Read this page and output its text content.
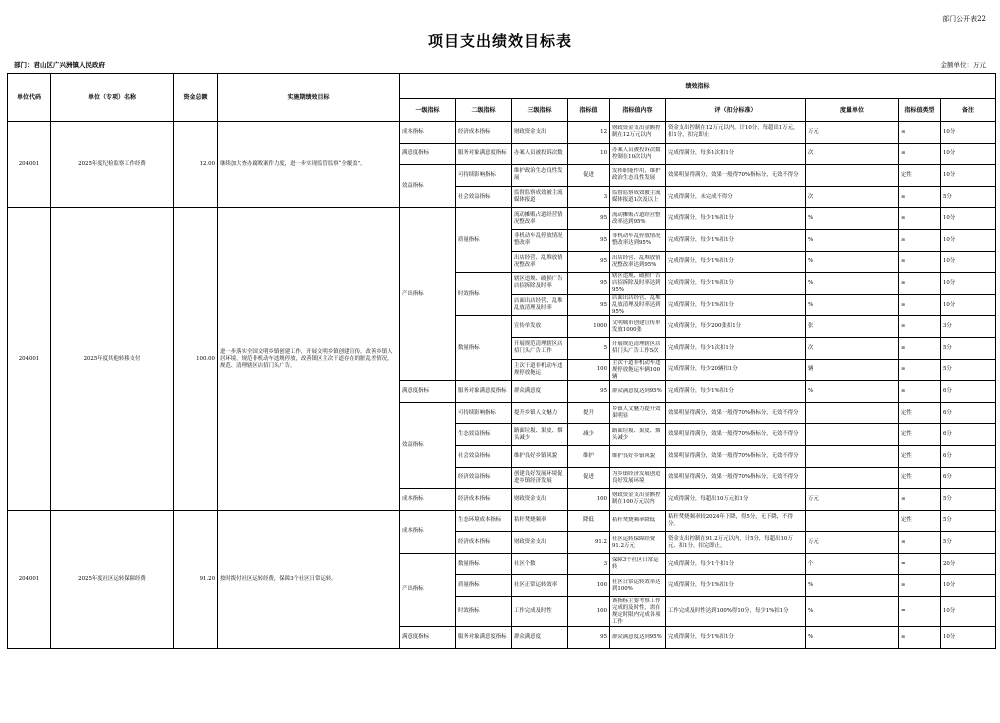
部门公开表22
项目支出绩效目标表
部门：君山区广兴洲镇人民政府	金额单位：万元
单位代码	单位（专项）名称	资金总额	实施期绩效目标	绩效指标								
				一级指标	二级指标	三级指标	指标值	指标值内容	评（扣分标准）	度量单位	指标值类型	备注
204001	2025年度纪检监察工作经费	12.00	继续加大查办腐败案件力度，进一步实现监管监察“全覆盖”。	成本指标	经济成本指标	财政资金支出	12	财政资金支出金额控制在12万元以内	资金支出控制在12万元以内，计10分，每超出1万元，扣1分，扣完即止	万元	≤	10分
				满意度指标	服务对象满意度指标	办案人员被投诉次数	10	办案人员被投诉次数控制在10次以内	完成得满分，每多1次扣1分	次	≤	10分
				效益指标	可持续影响指标	维护政治生态良性发展	促进	发挥职能作用，维护政治生态良性发展	效果明显得满分，效果一般得70%指标分，无效不得分		定性	10分
					社会效益指标	监督监察成效被主流媒体报道	3	监督监察成效被主流媒体报道1次及以上	完成得满分，未完成不得分	次	≥	5分
204001	2025年度其他转移支付	100.00	进一步落实全国文明乡镇创建工作，开展文明乡镇创建宣传，改善乡镇人居环境，规范非机动车违规停放，改善镇区主次干道存在的脏乱差情况，规范、清理辖区店招门头广告。	产出指标	质量指标	流动摊贩占道经营情况整改率	95	流动摊贩占道经营整改率达到95%	完成得满分，每少1%扣1分	%	≥	10分
						非机动车乱停放情况整改率	95	非机动车乱停放情况整改率达到95%	完成得满分，每少1%扣1分	%	≥	10分
						出店经营、乱堆放情况整改率	95	出店经营、乱堆放情况整改率达到95%	完成得满分，每少1%扣1分	%	≥	10分
					时效指标	辖区违规、破损广告店招拆除及时率	95	辖区违规、破损广告店招拆除及时率达到95%	完成得满分，每少1%扣1分	%	≥	10分
						店面出店经营、乱堆乱放清理及时率	95	店面出店经营、乱堆乱放清理及时率达到95%	完成得满分，每少1%扣1分	%	≥	10分
					数量指标	宣传单发放	1000	文明城市创建宣传单发放1000张	完成得满分，每少200张扣1分	张	≥	3分
						开展规范清理辖区店招门头广告工作	5	开展规范清理辖区店招门头广告工作5次	完成得满分，每少1次扣1分	次	≥	5分
						主次干道非机动车违规停放拖运	100	主次干道非机动车违规停放拖运车辆100辆	完成得满分，每少20辆扣1分	辆	≥	5分
				满意度指标	服务对象满意度指标	群众满意度	95	群众满意度达到95%	完成得满分，每少1%扣1分	%	≥	6分
				效益指标	可持续影响指标	提升乡镇人文魅力	提升	乡镇人文魅力提升效果明显	效果明显得满分，效果一般得70%指标分，无效不得分		定性	6分
					生态效益指标	路面垃圾、果皮、烟头减少	减少	路面垃圾、果皮、烟头减少	效果明显得满分，效果一般得70%指标分，无效不得分		定性	6分
					社会效益指标	维护良好乡镇风貌	维护	维护良好乡镇风貌	效果明显得满分，效果一般得70%指标分，无效不得分		定性	6分
					经济效益指标	创建良好发展环境促进乡镇经济发展	促进	为乡镇经济发展创造良好发展环境	效果明显得满分，效果一般得70%指标分，无效不得分		定性	6分
				成本指标	经济成本指标	财政资金支出	100	财政资金支出金额控制在100万元以内	完成得满分，每超出10万元扣1分	万元	≤	5分
204001	2025年度社区运转保障经费	91.20	按时拨付社区运转经费，保障3个社区日常运转。	成本指标	生态环境成本指标	秸秆焚烧频率	降低	秸秆焚烧频率降低	秸秆焚烧频率较2024年下降，得5分，无下降，不得分。		定性	5分
					经济成本指标	财政资金支出	91.2	社区运转保障经费91.2万元	资金支出控制在91.2万元以内，计5分，每超出10万元，扣1分，扣完即止。	万元	≤	5分
				产出指标	数量指标	社区个数	3	保障3个社区日常运转	完成得满分，每少1个扣1分	个	=	20分
					质量指标	社区正常运转效率	100	社区日常运转效率达到100%	完成得满分，每少1%扣1分	%	≥	10分
					时效指标	工作完成及时性	100	该指标主要考察工作完成的及时性，需在规定时限内完成各项工作	工作完成及时性达到100%得10分，每少1%扣1分	%	=	10分
				满意度指标	服务对象满意度指标	群众满意度	95	群众满意度达到95%	完成得满分，每少1%扣1分	%	≥	10分
